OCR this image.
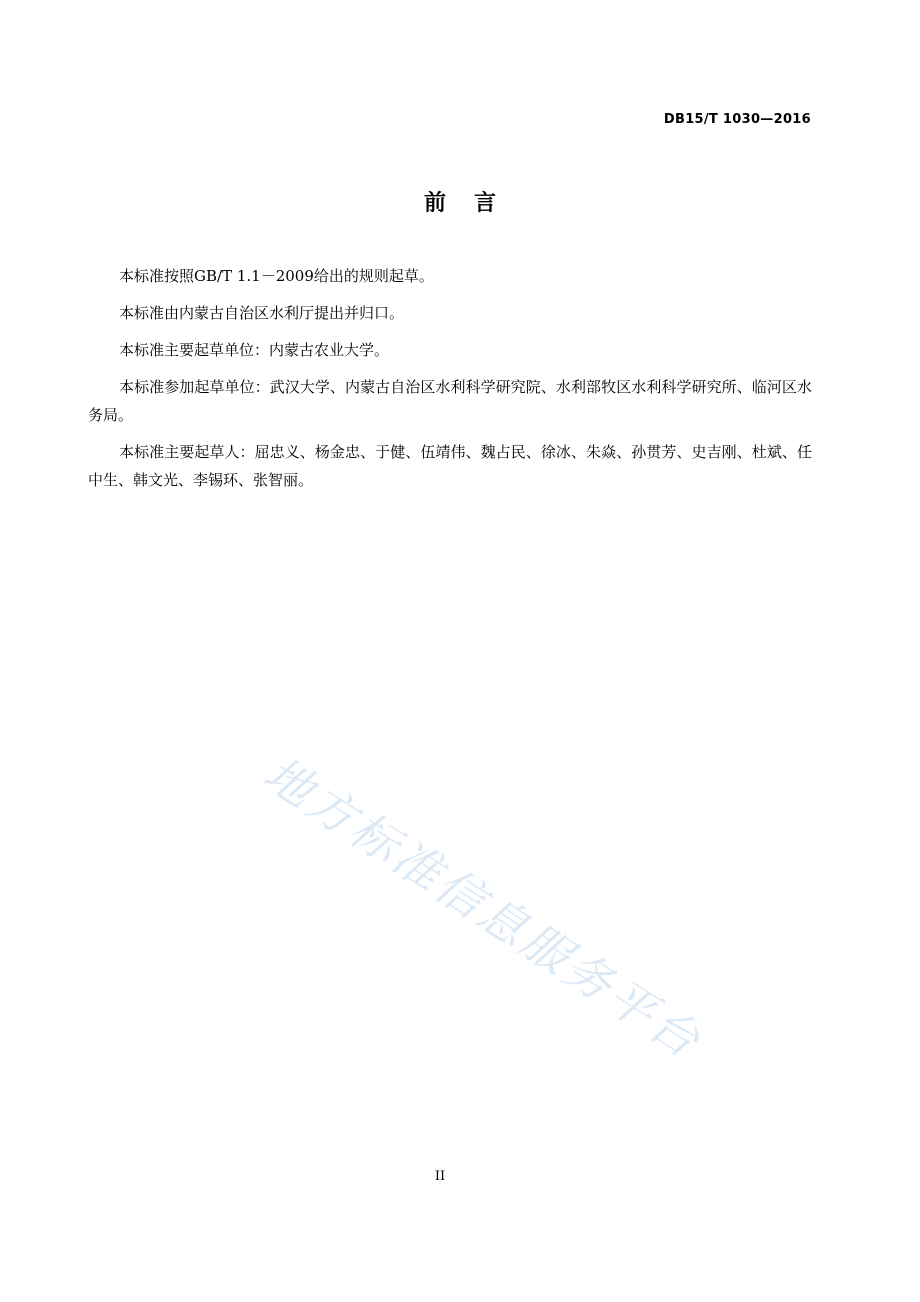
DB15/T 1030—2016
前言

本标准按照GB/T 1.1－2009给出的规则起草。

本标准由内蒙古自治区水利厅提出并归口。

本标准主要起草单位：内蒙古农业大学。

本标准参加起草单位：武汉大学、内蒙古自治区水利科学研究院、水利部牧区水利科学研究所、临河区水务局。

本标准主要起草人：屈忠义、杨金忠、于健、伍靖伟、魏占民、徐冰、朱焱、孙贯芳、史吉刚、杜斌、任中生、韩文光、李锡环、张智丽。

地方标准信息服务平台
II
